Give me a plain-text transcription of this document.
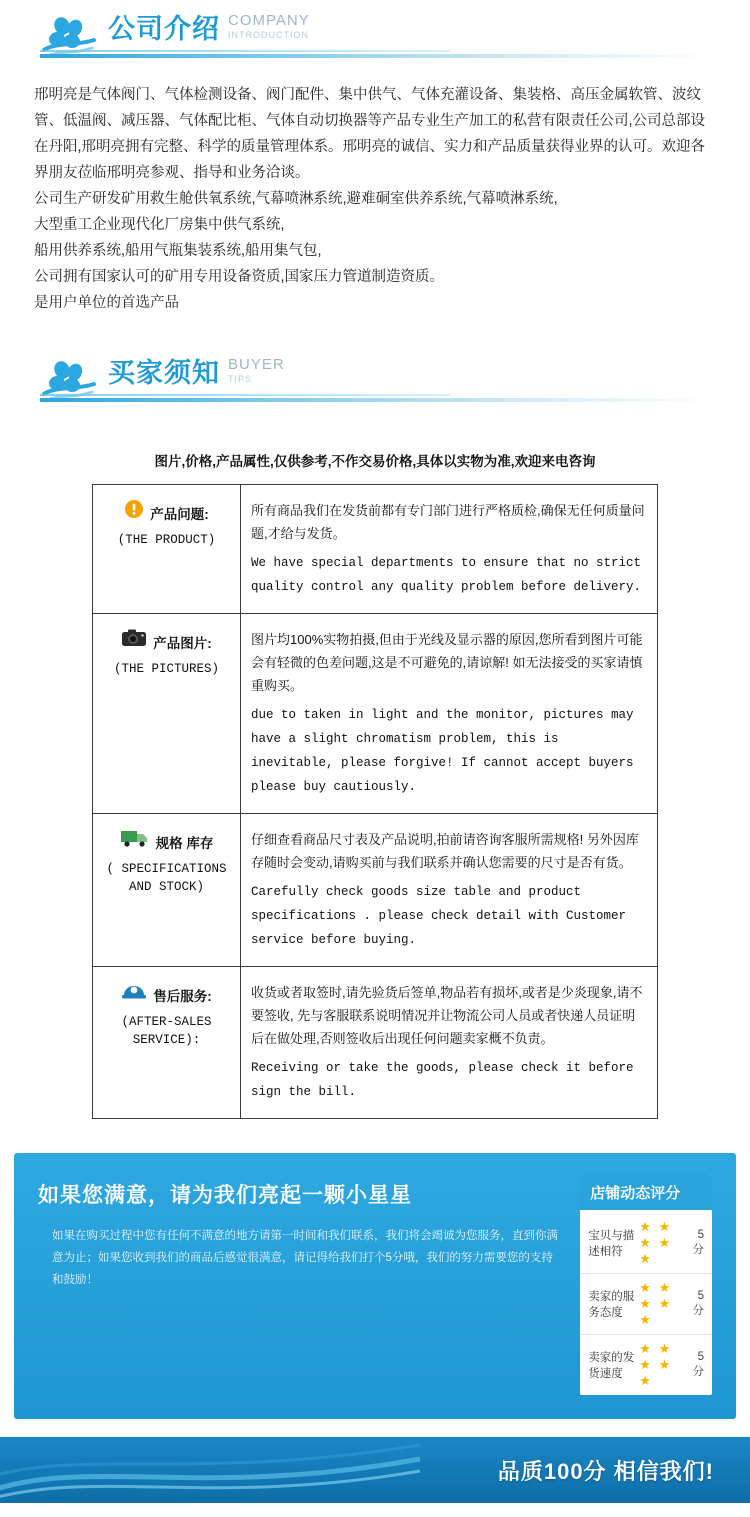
公司介绍 COMPANY
INTRODUCTION

邢明亮是气体阀门、气体检测设备、阀门配件、集中供气、气体充灌设备、集装格、高压金属软管、波纹管、低温阀、减压器、气体配比柜、气体自动切换器等产品专业生产加工的私营有限责任公司,公司总部设在丹阳,邢明亮拥有完整、科学的质量管理体系。邢明亮的诚信、实力和产品质量获得业界的认可。欢迎各界朋友莅临邢明亮参观、指导和业务洽谈。

公司生产研发矿用救生舱供氧系统,气幕喷淋系统,避难硐室供养系统,气幕喷淋系统,

大型重工企业现代化厂房集中供气系统,

船用供养系统,船用气瓶集装系统,船用集气包,

公司拥有国家认可的矿用专用设备资质,国家压力管道制造资质。

是用户单位的首选产品

买家须知 BUYER
TIPS
图片,价格,产品属性,仅供参考,不作交易价格,具体以实物为准,欢迎来电咨询
产品问题:
(THE PRODUCT)

所有商品我们在发货前都有专门部门进行严格质检,确保无任何质量问题,才给与发货。

We have special departments to ensure that no strict quality control any quality problem before delivery.

产品图片:
(THE PICTURES)

图片均100%实物拍摄,但由于光线及显示器的原因,您所看到图片可能会有轻微的色差问题,这是不可避免的,请谅解! 如无法接受的买家请慎重购买。

due to taken in light and the monitor, pictures may have a slight chromatism problem, this is inevitable, please forgive! If cannot accept buyers please buy cautiously.

规格 库存
( SPECIFICATIONS AND STOCK)

仔细查看商品尺寸表及产品说明,拍前请咨询客服所需规格! 另外因库存随时会变动,请购买前与我们联系并确认您需要的尺寸是否有货。

Carefully check goods size table and product specifications . please check detail with Customer service before buying.

售后服务:
(AFTER-SALES SERVICE):

收货或者取签时,请先验货后签单,物品若有损坏,或者是少炎现象,请不要签收, 先与客服联系说明情况并让物流公司人员或者快递人员证明后在做处理,否则签收后出现任何问题卖家概不负责。

Receiving or take the goods, please check it before sign the bill.

如果您满意，请为我们亮起一颗小星星

如果在购买过程中您有任何不满意的地方请第一时间和我们联系，我们将会竭诚为您服务，直到你满意为止；如果您收到我们的商品后感觉很满意，请记得给我们打个5分哦，我们的努力需要您的支持和鼓励！

店铺动态评分
宝贝与描述相符
★ ★ ★ ★ ★
5分
卖家的服务态度
★ ★ ★ ★ ★
5分
卖家的发货速度
★ ★ ★ ★ ★
5分
品质100分 相信我们!
